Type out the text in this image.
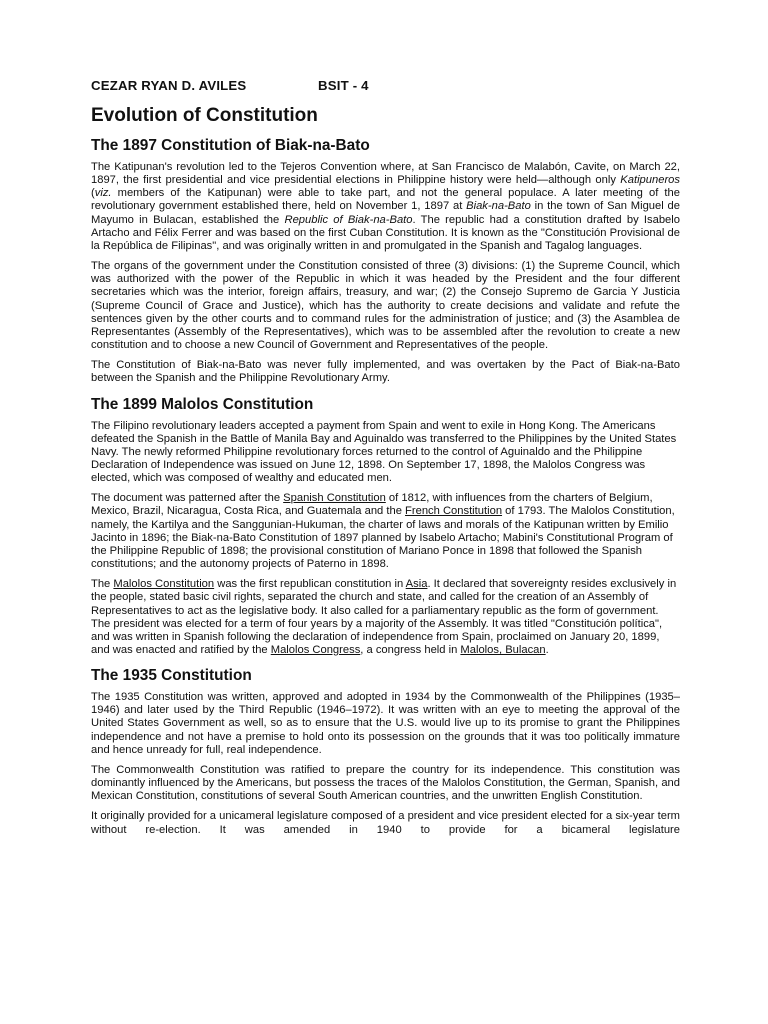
CEZAR RYAN D. AVILES	BSIT - 4
Evolution of Constitution
The 1897 Constitution of Biak-na-Bato

The Katipunan's revolution led to the Tejeros Convention where, at San Francisco de Malabón, Cavite, on March 22, 1897, the first presidential and vice presidential elections in Philippine history were held—although only Katipuneros (viz. members of the Katipunan) were able to take part, and not the general populace. A later meeting of the revolutionary government established there, held on November 1, 1897 at Biak-na-Bato in the town of San Miguel de Mayumo in Bulacan, established the Republic of Biak-na-Bato. The republic had a constitution drafted by Isabelo Artacho and Félix Ferrer and was based on the first Cuban Constitution. It is known as the "Constitución Provisional de la República de Filipinas", and was originally written in and promulgated in the Spanish and Tagalog languages.

The organs of the government under the Constitution consisted of three (3) divisions: (1) the Supreme Council, which was authorized with the power of the Republic in which it was headed by the President and the four different secretaries which was the interior, foreign affairs, treasury, and war; (2) the Consejo Supremo de Garcia Y Justicia (Supreme Council of Grace and Justice), which has the authority to create decisions and validate and refute the sentences given by the other courts and to command rules for the administration of justice; and (3) the Asamblea de Representantes (Assembly of the Representatives), which was to be assembled after the revolution to create a new constitution and to choose a new Council of Government and Representatives of the people.

The Constitution of Biak-na-Bato was never fully implemented, and was overtaken by the Pact of Biak-na-Bato between the Spanish and the Philippine Revolutionary Army.

The 1899 Malolos Constitution

The Filipino revolutionary leaders accepted a payment from Spain and went to exile in Hong Kong. The Americans defeated the Spanish in the Battle of Manila Bay and Aguinaldo was transferred to the Philippines by the United States Navy. The newly reformed Philippine revolutionary forces returned to the control of Aguinaldo and the Philippine Declaration of Independence was issued on June 12, 1898. On September 17, 1898, the Malolos Congress was elected, which was composed of wealthy and educated men.

The document was patterned after the Spanish Constitution of 1812, with influences from the charters of Belgium, Mexico, Brazil, Nicaragua, Costa Rica, and Guatemala and the French Constitution of 1793. The Malolos Constitution, namely, the Kartilya and the Sanggunian-Hukuman, the charter of laws and morals of the Katipunan written by Emilio Jacinto in 1896; the Biak-na-Bato Constitution of 1897 planned by Isabelo Artacho; Mabini's Constitutional Program of the Philippine Republic of 1898; the provisional constitution of Mariano Ponce in 1898 that followed the Spanish constitutions; and the autonomy projects of Paterno in 1898.

The Malolos Constitution was the first republican constitution in Asia. It declared that sovereignty resides exclusively in the people, stated basic civil rights, separated the church and state, and called for the creation of an Assembly of Representatives to act as the legislative body. It also called for a parliamentary republic as the form of government. The president was elected for a term of four years by a majority of the Assembly. It was titled "Constitución política", and was written in Spanish following the declaration of independence from Spain, proclaimed on January 20, 1899, and was enacted and ratified by the Malolos Congress, a congress held in Malolos, Bulacan.

The 1935 Constitution

The 1935 Constitution was written, approved and adopted in 1934 by the Commonwealth of the Philippines (1935–1946) and later used by the Third Republic (1946–1972). It was written with an eye to meeting the approval of the United States Government as well, so as to ensure that the U.S. would live up to its promise to grant the Philippines independence and not have a premise to hold onto its possession on the grounds that it was too politically immature and hence unready for full, real independence.

The Commonwealth Constitution was ratified to prepare the country for its independence. This constitution was dominantly influenced by the Americans, but possess the traces of the Malolos Constitution, the German, Spanish, and Mexican Constitution, constitutions of several South American countries, and the unwritten English Constitution.

It originally provided for a unicameral legislature composed of a president and vice president elected for a six-year term without re-election. It was amended in 1940 to provide for a bicameral legislature
